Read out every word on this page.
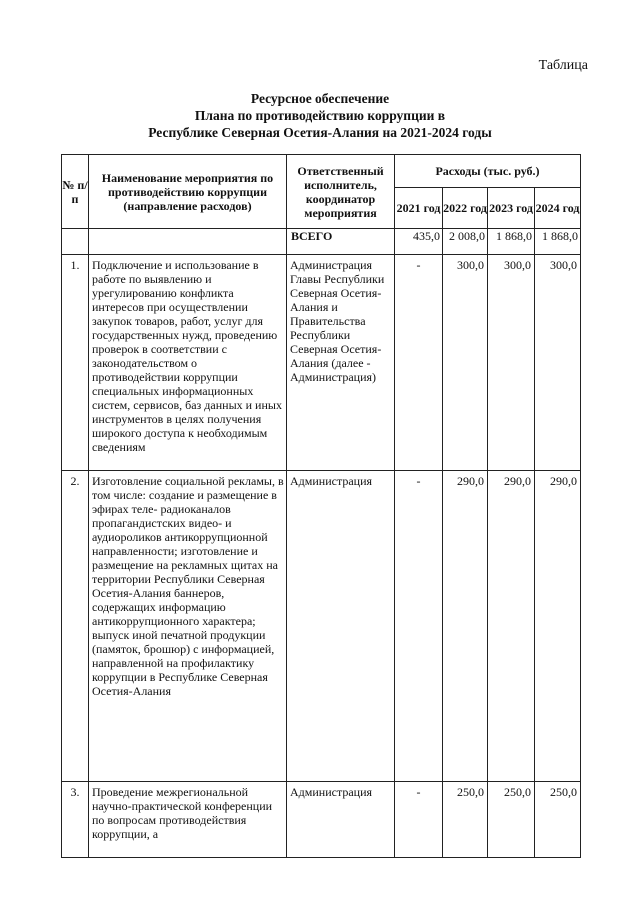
Таблица
Ресурсное обеспечение
Плана по противодействию коррупции в
Республике Северная Осетия-Алания на 2021-2024 годы
№ п/п	Наименование мероприятия по противодействию коррупции (направление расходов)	Ответственный исполнитель, координатор мероприятия	Расходы (тыс. руб.)			
			2021 год	2022 год	2023 год	2024 год
		ВСЕГО	435,0	2 008,0	1 868,0	1 868,0
1.	Подключение и использование в работе по выявлению и урегулированию конфликта интересов при осуществлении закупок товаров, работ, услуг для государственных нужд, проведению проверок в соответствии с законодательством о противодействии коррупции специальных информационных систем, сервисов, баз данных и иных инструментов в целях получения широкого доступа к необходимым сведениям	Администрация Главы Республики Северная Осетия-Алания и Правительства Республики Северная Осетия-Алания (далее - Администрация)	-	300,0	300,0	300,0
2.	Изготовление социальной рекламы, в том числе: создание и размещение в эфирах теле- радиоканалов пропагандистских видео- и аудиороликов антикоррупционной направленности; изготовление и размещение на рекламных щитах на территории Республики Северная Осетия-Алания баннеров, содержащих информацию антикоррупционного характера; выпуск иной печатной продукции (памяток, брошюр) с информацией, направленной на профилактику коррупции в Республике Северная Осетия-Алания	Администрация	-	290,0	290,0	290,0
3.	Проведение межрегиональной научно-практической конференции по вопросам противодействия коррупции, а	Администрация	-	250,0	250,0	250,0
